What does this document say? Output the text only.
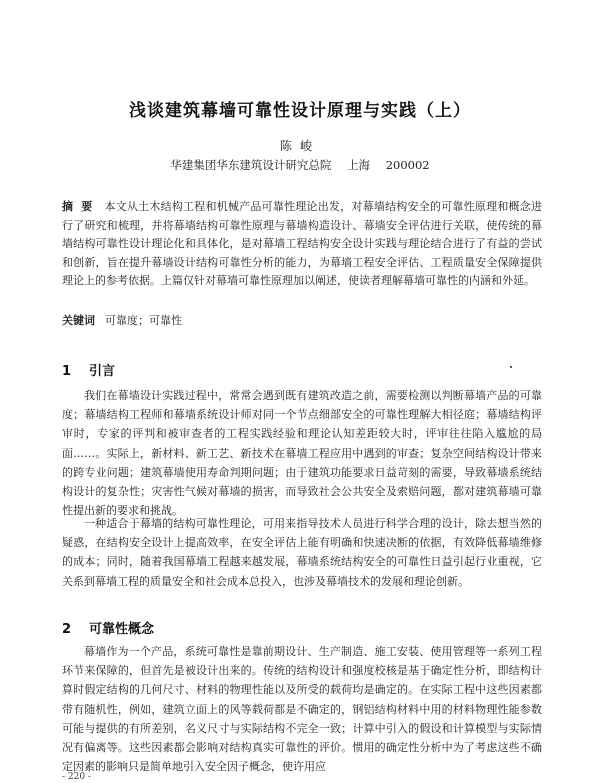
浅谈建筑幕墙可靠性设计原理与实践（上）
陈峻
华建集团华东建筑设计研究总院 上海 200002
摘要 本文从土木结构工程和机械产品可靠性理论出发，对幕墙结构安全的可靠性原理和概念进行了研究和梳理，并将幕墙结构可靠性原理与幕墙构造设计、幕墙安全评估进行关联，使传统的幕墙结构可靠性设计理论化和具体化，是对幕墙工程结构安全设计实践与理论结合进行了有益的尝试和创新，旨在提升幕墙设计结构可靠性分析的能力，为幕墙工程安全评估、工程质量安全保障提供理论上的参考依据。上篇仅针对幕墙可靠性原理加以阐述，使读者理解幕墙可靠性的内涵和外延。
关键词 可靠度；可靠性
1 引言

我们在幕墙设计实践过程中，常常会遇到既有建筑改造之前，需要检测以判断幕墙产品的可靠度；幕墙结构工程师和幕墙系统设计师对同一个节点细部安全的可靠性理解大相径庭；幕墙结构评审时，专家的评判和被审查者的工程实践经验和理论认知差距较大时，评审往往陷入尴尬的局面……。实际上，新材料、新工艺、新技术在幕墙工程应用中遇到的审查；复杂空间结构设计带来的跨专业问题；建筑幕墙使用寿命判期问题；由于建筑功能要求日益苛刻的需要，导致幕墙系统结构设计的复杂性；灾害性气候对幕墙的损害，而导致社会公共安全及索赔问题，都对建筑幕墙可靠性提出新的要求和挑战。

一种适合于幕墙的结构可靠性理论，可用来指导技术人员进行科学合理的设计，除去想当然的疑惑，在结构安全设计上提高效率，在安全评估上能有明确和快速决断的依据，有效降低幕墙维修的成本；同时，随着我国幕墙工程越来越发展，幕墙系统结构安全的可靠性日益引起行业重视，它关系到幕墙工程的质量安全和社会成本总投入，也涉及幕墙技术的发展和理论创新。

2 可靠性概念

幕墙作为一个产品，系统可靠性是靠前期设计、生产制造、施工安装、使用管理等一系列工程环节来保障的，但首先是被设计出来的。传统的结构设计和强度校核是基于确定性分析，即结构计算时假定结构的几何尺寸、材料的物理性能以及所受的载荷均是确定的。在实际工程中这些因素都带有随机性，例如，建筑立面上的风等载荷都是不确定的，钢铝结构材料中用的材料物理性能参数可能与提供的有所差别，名义尺寸与实际结构不完全一致；计算中引入的假设和计算模型与实际情况有偏离等。这些因素都会影响对结构真实可靠性的评价。惯用的确定性分析中为了考虑这些不确定因素的影响只是简单地引入安全因子概念，使许用应

- 220 -
